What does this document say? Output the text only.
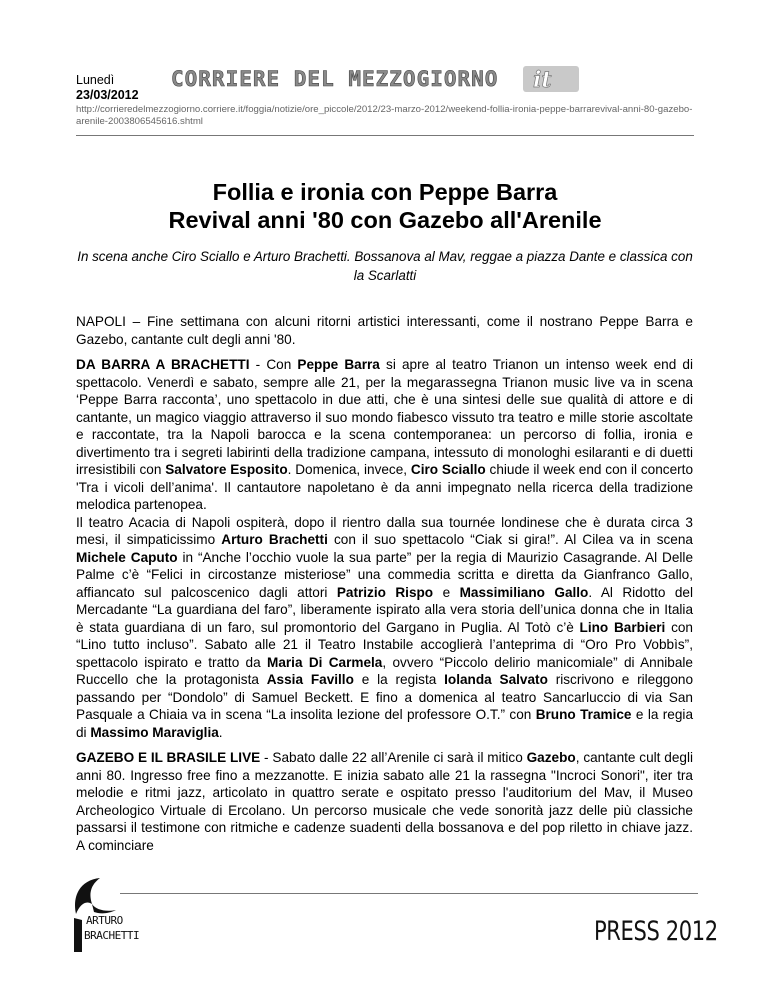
Lunedì
23/03/2012
CORRIERE DEL MEZZOGIORNO it
http://corrieredelmezzogiorno.corriere.it/foggia/notizie/ore_piccole/2012/23-marzo-2012/weekend-follia-ironia-peppe-barrarevival-anni-80-gazebo-arenile-2003806545616.shtml
Follia e ironia con Peppe Barra
Revival anni '80 con Gazebo all'Arenile
In scena anche Ciro Sciallo e Arturo Brachetti. Bossanova al Mav, reggae a piazza Dante e classica con la Scarlatti

NAPOLI – Fine settimana con alcuni ritorni artistici interessanti, come il nostrano Peppe Barra e Gazebo, cantante cult degli anni '80.

DA BARRA A BRACHETTI - Con Peppe Barra si apre al teatro Trianon un intenso week end di spettacolo. Venerdì e sabato, sempre alle 21, per la megarassegna Trianon music live va in scena ‘Peppe Barra racconta’, uno spettacolo in due atti, che è una sintesi delle sue qualità di attore e di cantante, un magico viaggio attraverso il suo mondo fiabesco vissuto tra teatro e mille storie ascoltate e raccontate, tra la Napoli barocca e la scena contemporanea: un percorso di follia, ironia e divertimento tra i segreti labirinti della tradizione campana, intessuto di monologhi esilaranti e di duetti irresistibili con Salvatore Esposito. Domenica, invece, Ciro Sciallo chiude il week end con il concerto 'Tra i vicoli dell’anima'. Il cantautore napoletano è da anni impegnato nella ricerca della tradizione melodica partenopea.

Il teatro Acacia di Napoli ospiterà, dopo il rientro dalla sua tournée londinese che è durata circa 3 mesi, il simpaticissimo Arturo Brachetti con il suo spettacolo “Ciak si gira!”. Al Cilea va in scena Michele Caputo in “Anche l’occhio vuole la sua parte” per la regia di Maurizio Casagrande. Al Delle Palme c’è “Felici in circostanze misteriose” una commedia scritta e diretta da Gianfranco Gallo, affiancato sul palcoscenico dagli attori Patrizio Rispo e Massimiliano Gallo. Al Ridotto del Mercadante “La guardiana del faro”, liberamente ispirato alla vera storia dell’unica donna che in Italia è stata guardiana di un faro, sul promontorio del Gargano in Puglia. Al Totò c’è Lino Barbieri con “Lino tutto incluso”. Sabato alle 21 il Teatro Instabile accoglierà l’anteprima di “Oro Pro Vobbìs”, spettacolo ispirato e tratto da Maria Di Carmela, ovvero “Piccolo delirio manicomiale” di Annibale Ruccello che la protagonista Assia Favillo e la regista Iolanda Salvato riscrivono e rileggono passando per “Dondolo” di Samuel Beckett. E fino a domenica al teatro Sancarluccio di via San Pasquale a Chiaia va in scena “La insolita lezione del professore O.T.” con Bruno Tramice e la regia di Massimo Maraviglia.

GAZEBO E IL BRASILE LIVE - Sabato dalle 22 all’Arenile ci sarà il mitico Gazebo, cantante cult degli anni 80. Ingresso free fino a mezzanotte. E inizia sabato alle 21 la rassegna "Incroci Sonori", iter tra melodie e ritmi jazz, articolato in quattro serate e ospitato presso l'auditorium del Mav, il Museo Archeologico Virtuale di Ercolano. Un percorso musicale che vede sonorità jazz delle più classiche passarsi il testimone con ritmiche e cadenze suadenti della bossanova e del pop riletto in chiave jazz. A cominciare

ARTURO
BRACHETTI	PRESS 2012
